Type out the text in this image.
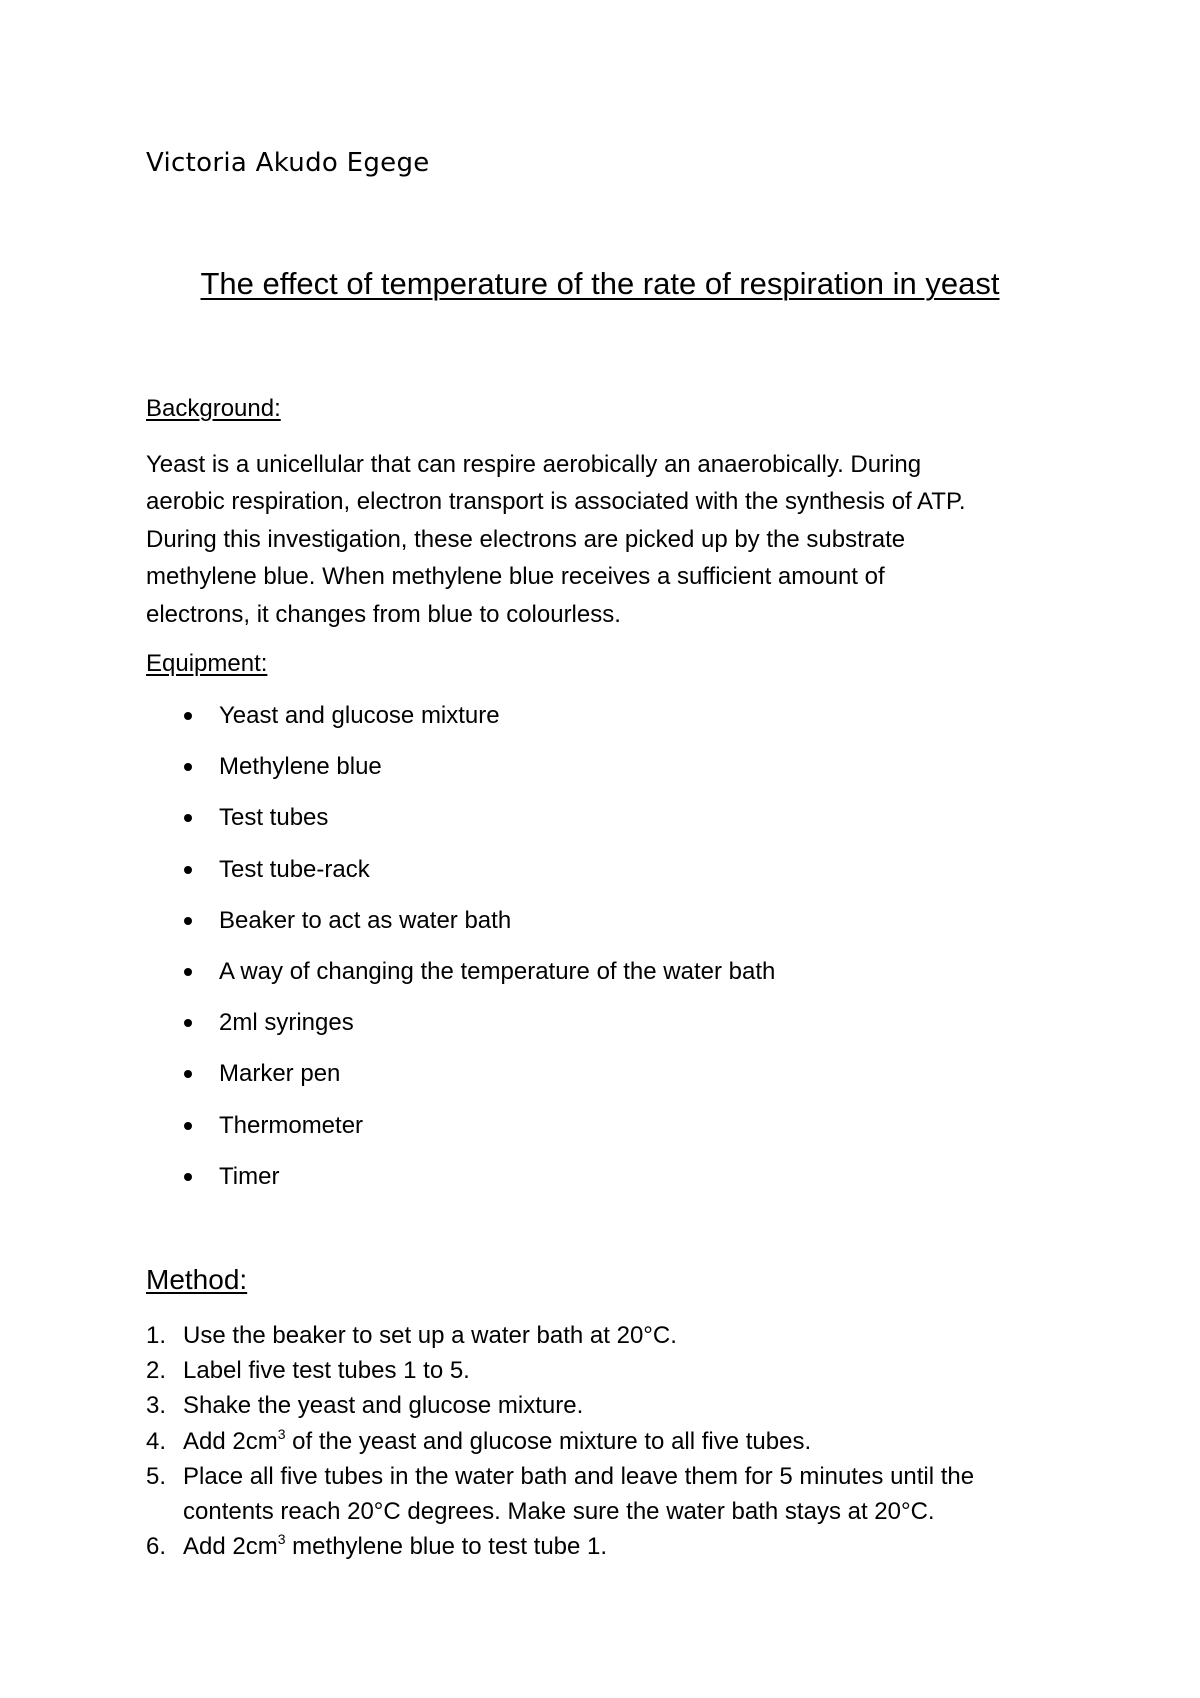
Victoria Akudo Egege
The effect of temperature of the rate of respiration in yeast
Background:

Yeast is a unicellular that can respire aerobically an anaerobically. During

aerobic respiration, electron transport is associated with the synthesis of ATP.

During this investigation, these electrons are picked up by the substrate

methylene blue. When methylene blue receives a sufficient amount of

electrons, it changes from blue to colourless.

Equipment:
Yeast and glucose mixture
Methylene blue
Test tubes
Test tube-rack
Beaker to act as water bath
A way of changing the temperature of the water bath
2ml syringes
Marker pen
Thermometer
Timer
Method:
1. Use the beaker to set up a water bath at 20°C.
2. Label five test tubes 1 to 5.
3. Shake the yeast and glucose mixture.
4. Add $2cm^3$ of the yeast and glucose mixture to all five tubes.
5. Place all five tubes in the water bath and leave them for 5 minutes until the contents reach 20°C degrees. Make sure the water bath stays at 20°C.
6. Add $2cm^3$ methylene blue to test tube 1.
